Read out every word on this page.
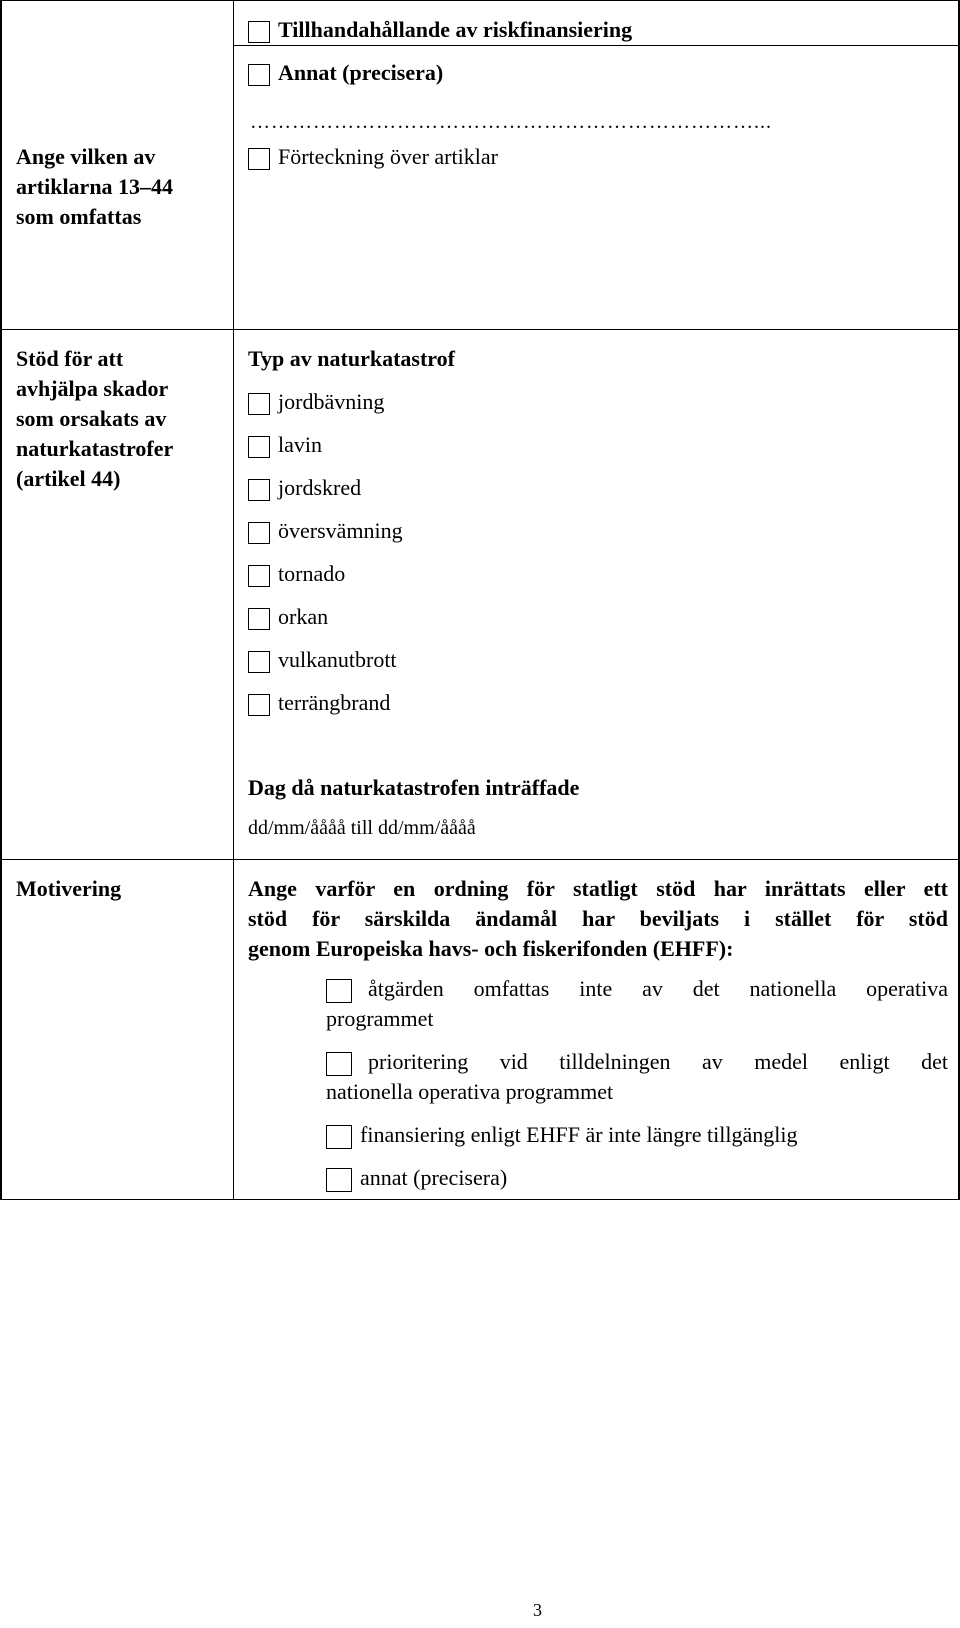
Tillhandahållande av riskfinansiering
Annat (precisera)
………………………………………………………………...
Ange vilken av
artiklarna 13–44
som omfattas
Förteckning över artiklar
Stöd för att
avhjälpa skador
som orsakats av
naturkatastrofer
(artikel 44)
Typ av naturkatastrof
jordbävning
lavin
jordskred
översvämning
tornado
orkan
vulkanutbrott
terrängbrand
Dag då naturkatastrofen inträffade
dd/mm/åååå till dd/mm/åååå
Motivering	Ange varför en ordning för statligt stöd har inrättats eller ett
stöd för särskilda ändamål har beviljats i stället för stöd
genom Europeiska havs- och fiskerifonden (EHFF):
åtgärden omfattas inte av det nationella operativa
programmet
prioritering vid tilldelningen av medel enligt det
nationella operativa programmet
finansiering enligt EHFF är inte längre tillgänglig
annat (precisera)
3
